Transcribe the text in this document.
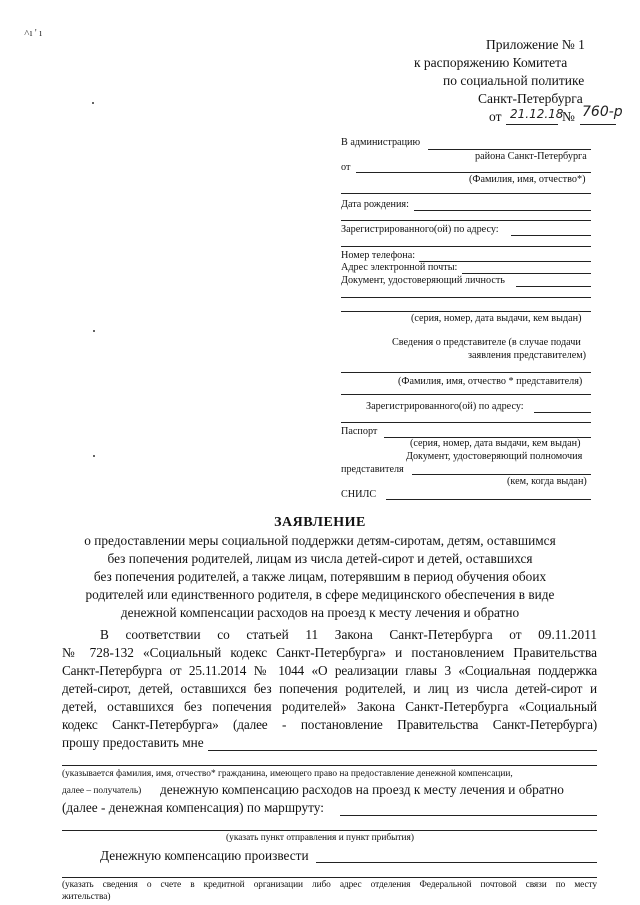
˄ı ' ı
Приложение № 1
к распоряжению Комитета
по социальной политике
Санкт-Петербурга
от 21.12.18
№ 760-р
В администрацию
района Санкт-Петербурга
от
(Фамилия, имя, отчество*)
Дата рождения:
Зарегистрированного(ой) по адресу:
Номер телефона:
Адрес электронной почты:
Документ, удостоверяющий личность
(серия, номер, дата выдачи, кем выдан)
Сведения о представителе (в случае подачи
заявления представителем)
(Фамилия, имя, отчество * представителя)
Зарегистрированного(ой) по адресу:
Паспорт
(серия, номер, дата выдачи, кем выдан)
Документ, удостоверяющий полномочия
представителя
(кем, когда выдан)
СНИЛС
ЗАЯВЛЕНИЕ
о предоставлении меры социальной поддержки детям-сиротам, детям, оставшимся
без попечения родителей, лицам из числа детей-сирот и детей, оставшихся
без попечения родителей, а также лицам, потерявшим в период обучения обоих
родителей или единственного родителя, в сфере медицинского обеспечения в виде
денежной компенсации расходов на проезд к месту лечения и обратно
В соответствии со статьей 11 Закона Санкт-Петербурга от 09.11.2011
№ 728-132 «Социальный кодекс Санкт-Петербурга» и постановлением Правительства
Санкт-Петербурга от 25.11.2014 № 1044 «О реализации главы 3 «Социальная поддержка
детей-сирот, детей, оставшихся без попечения родителей, и лиц из числа детей-сирот и
детей, оставшихся без попечения родителей» Закона Санкт-Петербурга «Социальный
кодекс Санкт-Петербурга» (далее - постановление Правительства Санкт-Петербурга)
прошу предоставить мне
(указывается фамилия, имя, отчество* гражданина, имеющего право на предоставление денежной компенсации,
далее – получатель) денежную компенсацию расходов на проезд к месту лечения и обратно
(далее - денежная компенсация) по маршруту:
(указать пункт отправления и пункт прибытия)
Денежную компенсацию произвести
(указать сведения о счете в кредитной организации либо адрес отделения Федеральной почтовой связи по месту
жительства)
